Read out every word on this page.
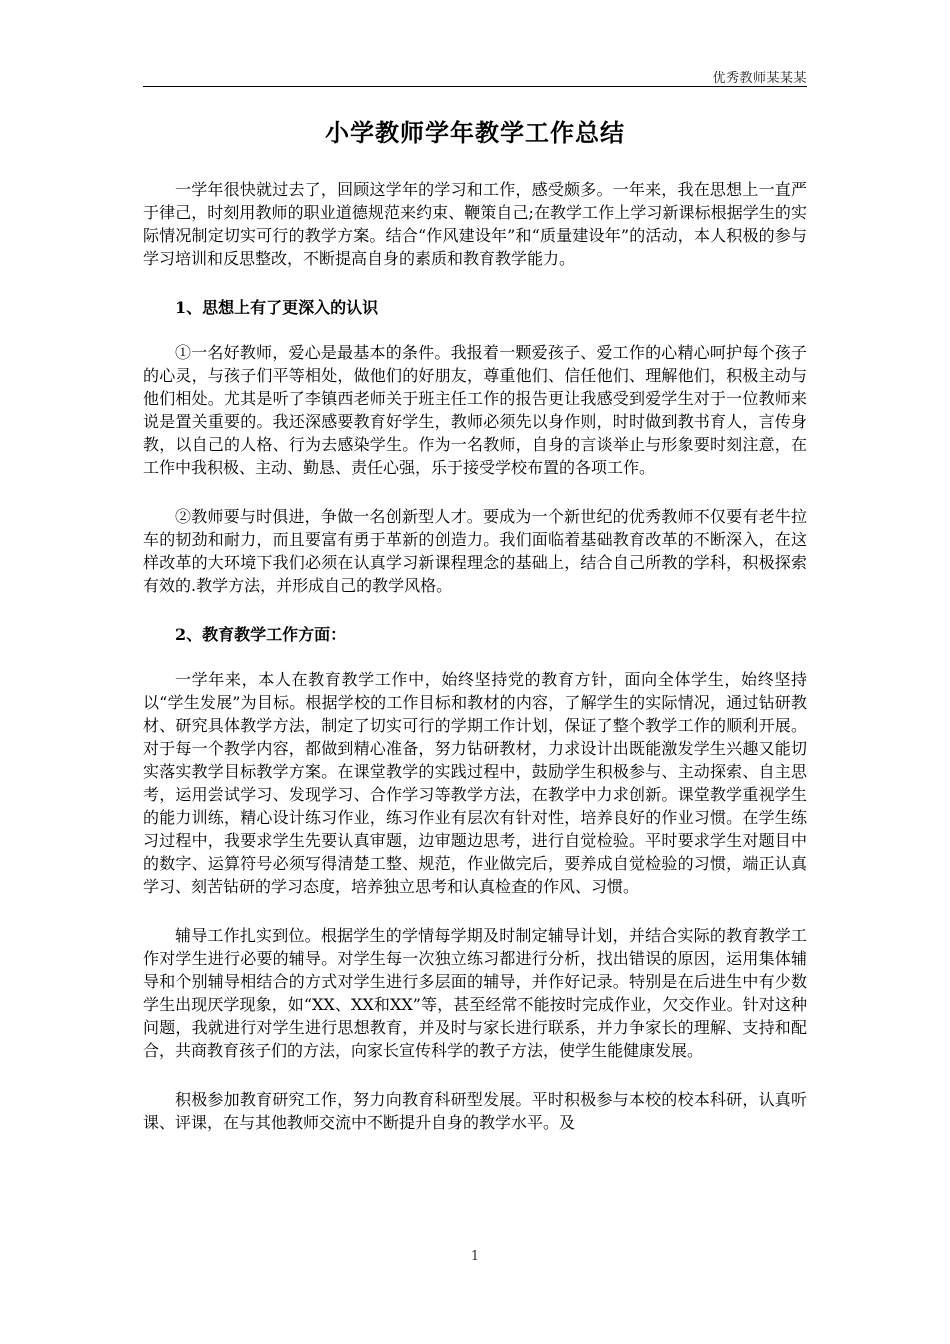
优秀教师某某某
小学教师学年教学工作总结

一学年很快就过去了，回顾这学年的学习和工作，感受颇多。一年来，我在思想上一直严于律己，时刻用教师的职业道德规范来约束、鞭策自己;在教学工作上学习新课标根据学生的实际情况制定切实可行的教学方案。结合“作风建设年”和“质量建设年”的活动，本人积极的参与学习培训和反思整改，不断提高自身的素质和教育教学能力。

1、思想上有了更深入的认识

①一名好教师，爱心是最基本的条件。我报着一颗爱孩子、爱工作的心精心呵护每个孩子的心灵，与孩子们平等相处，做他们的好朋友，尊重他们、信任他们、理解他们，积极主动与他们相处。尤其是听了李镇西老师关于班主任工作的报告更让我感受到爱学生对于一位教师来说是置关重要的。我还深感要教育好学生，教师必须先以身作则，时时做到教书育人，言传身教，以自己的人格、行为去感染学生。作为一名教师，自身的言谈举止与形象要时刻注意，在工作中我积极、主动、勤恳、责任心强，乐于接受学校布置的各项工作。

②教师要与时俱进，争做一名创新型人才。要成为一个新世纪的优秀教师不仅要有老牛拉车的韧劲和耐力，而且要富有勇于革新的创造力。我们面临着基础教育改革的不断深入，在这样改革的大环境下我们必须在认真学习新课程理念的基础上，结合自己所教的学科，积极探索有效的.教学方法，并形成自己的教学风格。

2、教育教学工作方面：

一学年来，本人在教育教学工作中，始终坚持党的教育方针，面向全体学生，始终坚持以“学生发展”为目标。根据学校的工作目标和教材的内容，了解学生的实际情况，通过钻研教材、研究具体教学方法，制定了切实可行的学期工作计划，保证了整个教学工作的顺利开展。对于每一个教学内容，都做到精心准备，努力钻研教材，力求设计出既能激发学生兴趣又能切实落实教学目标教学方案。在课堂教学的实践过程中，鼓励学生积极参与、主动探索、自主思考，运用尝试学习、发现学习、合作学习等教学方法，在教学中力求创新。课堂教学重视学生的能力训练，精心设计练习作业，练习作业有层次有针对性，培养良好的作业习惯。在学生练习过程中，我要求学生先要认真审题，边审题边思考，进行自觉检验。平时要求学生对题目中的数字、运算符号必须写得清楚工整、规范，作业做完后，要养成自觉检验的习惯，端正认真学习、刻苦钻研的学习态度，培养独立思考和认真检查的作风、习惯。

辅导工作扎实到位。根据学生的学情每学期及时制定辅导计划，并结合实际的教育教学工作对学生进行必要的辅导。对学生每一次独立练习都进行分析，找出错误的原因，运用集体辅导和个别辅导相结合的方式对学生进行多层面的辅导，并作好记录。特别是在后进生中有少数学生出现厌学现象，如“XX、XX和XX”等，甚至经常不能按时完成作业，欠交作业。针对这种问题，我就进行对学生进行思想教育，并及时与家长进行联系，并力争家长的理解、支持和配合，共商教育孩子们的方法，向家长宣传科学的教子方法，使学生能健康发展。

积极参加教育研究工作，努力向教育科研型发展。平时积极参与本校的校本科研，认真听课、评课，在与其他教师交流中不断提升自身的教学水平。及

1
